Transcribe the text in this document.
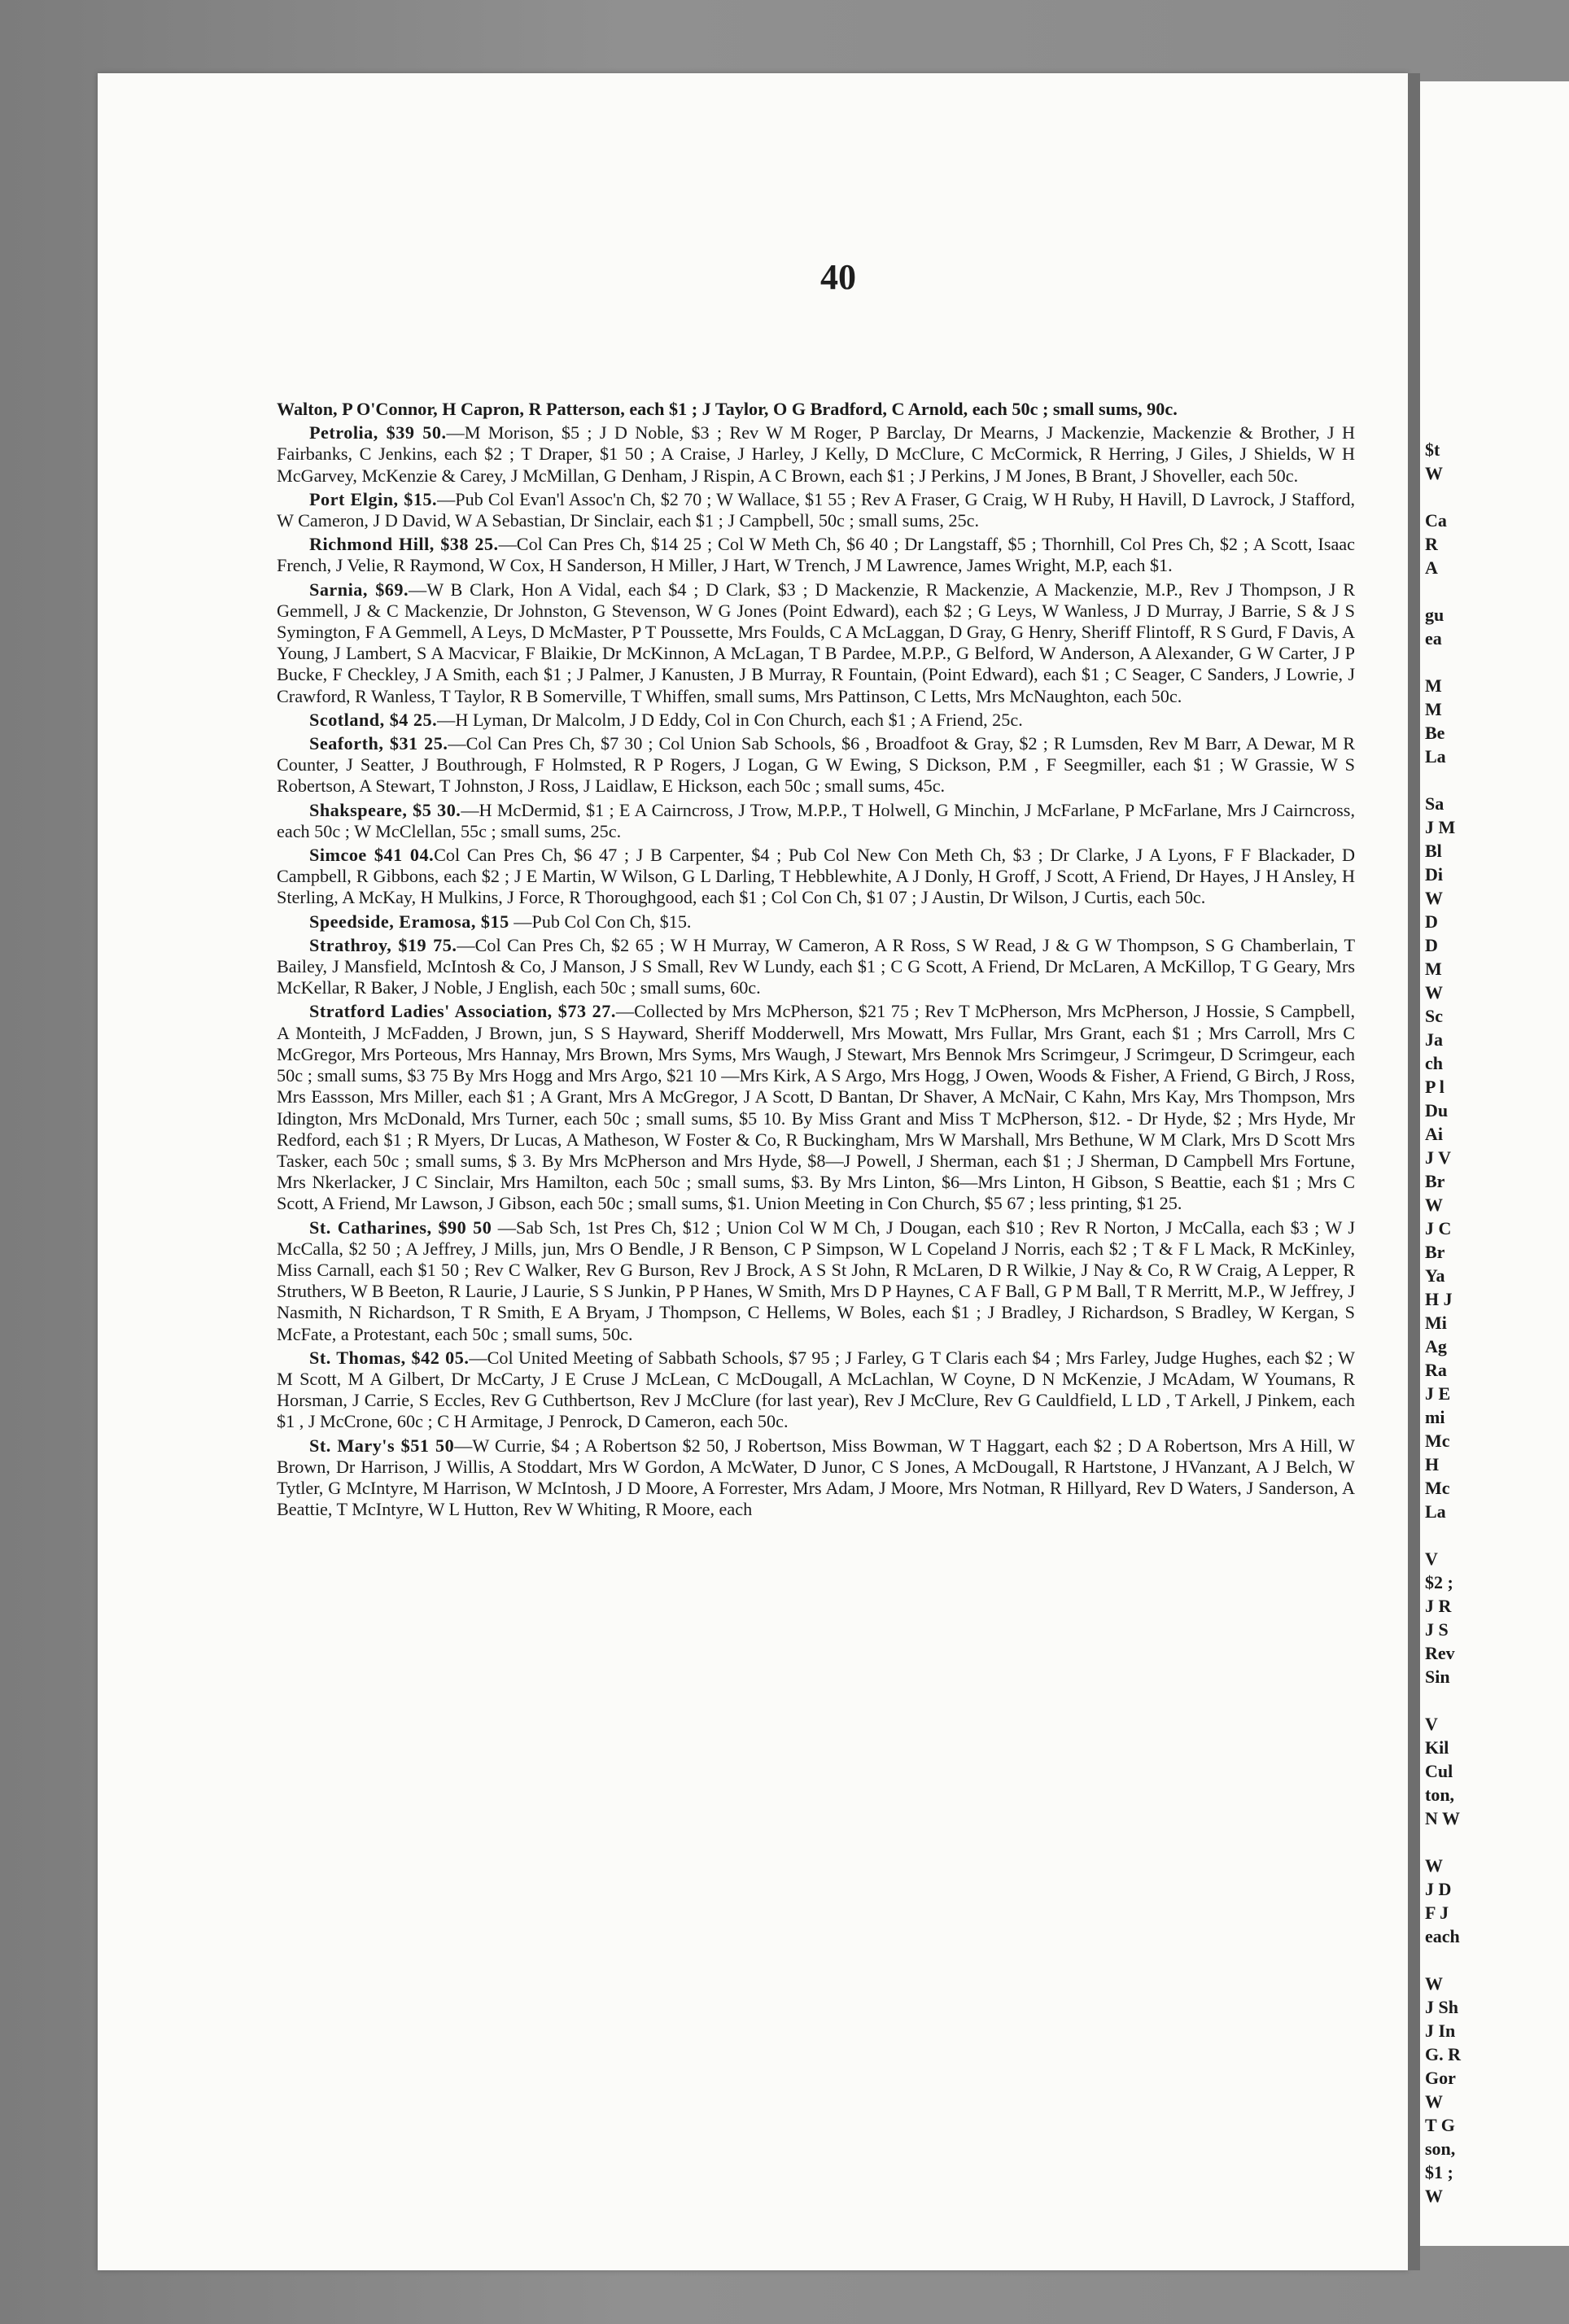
40

Walton, P O'Connor, H Capron, R Patterson, each $1 ; J Taylor, O G Bradford, C Arnold, each 50c ; small sums, 90c.

Petrolia, $39 50.—M Morison, $5 ; J D Noble, $3 ; Rev W M Roger, P Barclay, Dr Mearns, J Mackenzie, Mackenzie & Brother, J H Fairbanks, C Jenkins, each $2 ; T Draper, $1 50 ; A Craise, J Harley, J Kelly, D McClure, C McCormick, R Herring, J Giles, J Shields, W H McGarvey, McKenzie & Carey, J McMillan, G Denham, J Rispin, A C Brown, each $1 ; J Perkins, J M Jones, B Brant, J Shoveller, each 50c.

Port Elgin, $15.—Pub Col Evan'l Assoc'n Ch, $2 70 ; W Wallace, $1 55 ; Rev A Fraser, G Craig, W H Ruby, H Havill, D Lavrock, J Stafford, W Cameron, J D David, W A Sebastian, Dr Sinclair, each $1 ; J Campbell, 50c ; small sums, 25c.

Richmond Hill, $38 25.—Col Can Pres Ch, $14 25 ; Col W Meth Ch, $6 40 ; Dr Langstaff, $5 ; Thornhill, Col Pres Ch, $2 ; A Scott, Isaac French, J Velie, R Raymond, W Cox, H Sanderson, H Miller, J Hart, W Trench, J M Lawrence, James Wright, M.P, each $1.

Sarnia, $69.—W B Clark, Hon A Vidal, each $4 ; D Clark, $3 ; D Mackenzie, R Mackenzie, A Mackenzie, M.P., Rev J Thompson, J R Gemmell, J & C Mackenzie, Dr Johnston, G Stevenson, W G Jones (Point Edward), each $2 ; G Leys, W Wanless, J D Murray, J Barrie, S & J S Symington, F A Gemmell, A Leys, D McMaster, P T Poussette, Mrs Foulds, C A McLaggan, D Gray, G Henry, Sheriff Flintoff, R S Gurd, F Davis, A Young, J Lambert, S A Macvicar, F Blaikie, Dr McKinnon, A McLagan, T B Pardee, M.P.P., G Belford, W Anderson, A Alexander, G W Carter, J P Bucke, F Checkley, J A Smith, each $1 ; J Palmer, J Kanusten, J B Murray, R Fountain, (Point Edward), each $1 ; C Seager, C Sanders, J Lowrie, J Crawford, R Wanless, T Taylor, R B Somerville, T Whiffen, small sums, Mrs Pattinson, C Letts, Mrs McNaughton, each 50c.

Scotland, $4 25.—H Lyman, Dr Malcolm, J D Eddy, Col in Con Church, each $1 ; A Friend, 25c.

Seaforth, $31 25.—Col Can Pres Ch, $7 30 ; Col Union Sab Schools, $6 , Broadfoot & Gray, $2 ; R Lumsden, Rev M Barr, A Dewar, M R Counter, J Seatter, J Bouthrough, F Holmsted, R P Rogers, J Logan, G W Ewing, S Dickson, P.M , F Seegmiller, each $1 ; W Grassie, W S Robertson, A Stewart, T Johnston, J Ross, J Laidlaw, E Hickson, each 50c ; small sums, 45c.

Shakspeare, $5 30.—H McDermid, $1 ; E A Cairncross, J Trow, M.P.P., T Holwell, G Minchin, J McFarlane, P McFarlane, Mrs J Cairncross, each 50c ; W McClellan, 55c ; small sums, 25c.

Simcoe $41 04.Col Can Pres Ch, $6 47 ; J B Carpenter, $4 ; Pub Col New Con Meth Ch, $3 ; Dr Clarke, J A Lyons, F F Blackader, D Campbell, R Gibbons, each $2 ; J E Martin, W Wilson, G L Darling, T Hebblewhite, A J Donly, H Groff, J Scott, A Friend, Dr Hayes, J H Ansley, H Sterling, A McKay, H Mulkins, J Force, R Thoroughgood, each $1 ; Col Con Ch, $1 07 ; J Austin, Dr Wilson, J Curtis, each 50c.

Speedside, Eramosa, $15 —Pub Col Con Ch, $15.

Strathroy, $19 75.—Col Can Pres Ch, $2 65 ; W H Murray, W Cameron, A R Ross, S W Read, J & G W Thompson, S G Chamberlain, T Bailey, J Mansfield, McIntosh & Co, J Manson, J S Small, Rev W Lundy, each $1 ; C G Scott, A Friend, Dr McLaren, A McKillop, T G Geary, Mrs McKellar, R Baker, J Noble, J English, each 50c ; small sums, 60c.

Stratford Ladies' Association, $73 27.—Collected by Mrs McPherson, $21 75 ; Rev T McPherson, Mrs McPherson, J Hossie, S Campbell, A Monteith, J McFadden, J Brown, jun, S S Hayward, Sheriff Modderwell, Mrs Mowatt, Mrs Fullar, Mrs Grant, each $1 ; Mrs Carroll, Mrs C McGregor, Mrs Porteous, Mrs Hannay, Mrs Brown, Mrs Syms, Mrs Waugh, J Stewart, Mrs Bennok Mrs Scrimgeur, J Scrimgeur, D Scrimgeur, each 50c ; small sums, $3 75 By Mrs Hogg and Mrs Argo, $21 10 —Mrs Kirk, A S Argo, Mrs Hogg, J Owen, Woods & Fisher, A Friend, G Birch, J Ross, Mrs Eassson, Mrs Miller, each $1 ; A Grant, Mrs A McGregor, J A Scott, D Bantan, Dr Shaver, A McNair, C Kahn, Mrs Kay, Mrs Thompson, Mrs Idington, Mrs McDonald, Mrs Turner, each 50c ; small sums, $5 10. By Miss Grant and Miss T McPherson, $12. - Dr Hyde, $2 ; Mrs Hyde, Mr Redford, each $1 ; R Myers, Dr Lucas, A Matheson, W Foster & Co, R Buckingham, Mrs W Marshall, Mrs Bethune, W M Clark, Mrs D Scott Mrs Tasker, each 50c ; small sums, $ 3. By Mrs McPherson and Mrs Hyde, $8—J Powell, J Sherman, each $1 ; J Sherman, D Campbell Mrs Fortune, Mrs Nkerlacker, J C Sinclair, Mrs Hamilton, each 50c ; small sums, $3. By Mrs Linton, $6—Mrs Linton, H Gibson, S Beattie, each $1 ; Mrs C Scott, A Friend, Mr Lawson, J Gibson, each 50c ; small sums, $1. Union Meeting in Con Church, $5 67 ; less printing, $1 25.

St. Catharines, $90 50 —Sab Sch, 1st Pres Ch, $12 ; Union Col W M Ch, J Dougan, each $10 ; Rev R Norton, J McCalla, each $3 ; W J McCalla, $2 50 ; A Jeffrey, J Mills, jun, Mrs O Bendle, J R Benson, C P Simpson, W L Copeland J Norris, each $2 ; T & F L Mack, R McKinley, Miss Carnall, each $1 50 ; Rev C Walker, Rev G Burson, Rev J Brock, A S St John, R McLaren, D R Wilkie, J Nay & Co, R W Craig, A Lepper, R Struthers, W B Beeton, R Laurie, J Laurie, S S Junkin, P P Hanes, W Smith, Mrs D P Haynes, C A F Ball, G P M Ball, T R Merritt, M.P., W Jeffrey, J Nasmith, N Richardson, T R Smith, E A Bryam, J Thompson, C Hellems, W Boles, each $1 ; J Bradley, J Richardson, S Bradley, W Kergan, S McFate, a Protestant, each 50c ; small sums, 50c.

St. Thomas, $42 05.—Col United Meeting of Sabbath Schools, $7 95 ; J Farley, G T Claris each $4 ; Mrs Farley, Judge Hughes, each $2 ; W M Scott, M A Gilbert, Dr McCarty, J E Cruse J McLean, C McDougall, A McLachlan, W Coyne, D N McKenzie, J McAdam, W Youmans, R Horsman, J Carrie, S Eccles, Rev G Cuthbertson, Rev J McClure (for last year), Rev J McClure, Rev G Cauldfield, L LD , T Arkell, J Pinkem, each $1 , J McCrone, 60c ; C H Armitage, J Penrock, D Cameron, each 50c.

St. Mary's $51 50—W Currie, $4 ; A Robertson $2 50, J Robertson, Miss Bowman, W T Haggart, each $2 ; D A Robertson, Mrs A Hill, W Brown, Dr Harrison, J Willis, A Stoddart, Mrs W Gordon, A McWater, D Junor, C S Jones, A McDougall, R Hartstone, J HVanzant, A J Belch, W Tytler, G McIntyre, M Harrison, W McIntosh, J D Moore, A Forrester, Mrs Adam, J Moore, Mrs Notman, R Hillyard, Rev D Waters, J Sanderson, A Beattie, T McIntyre, W L Hutton, Rev W Whiting, R Moore, each

$t
W
Ca
R
A
gu
ea
M
M
Be
La
Sa
J M
Bl
Di
W
D
D
M
W
Sc
Ja
ch
P l
Du
Ai
J V
Br
W
J C
Br
Ya
H J
Mi
Ag
Ra
J E
mi
Mc
H
Mc
La
V
$2 ;
J R
J S
Rev
Sin
V
Kil
Cul
ton,
N W
W
J D
F J
each
W
J Sh
J In
G. R
Gor
W
T G
son,
$1 ;
W
